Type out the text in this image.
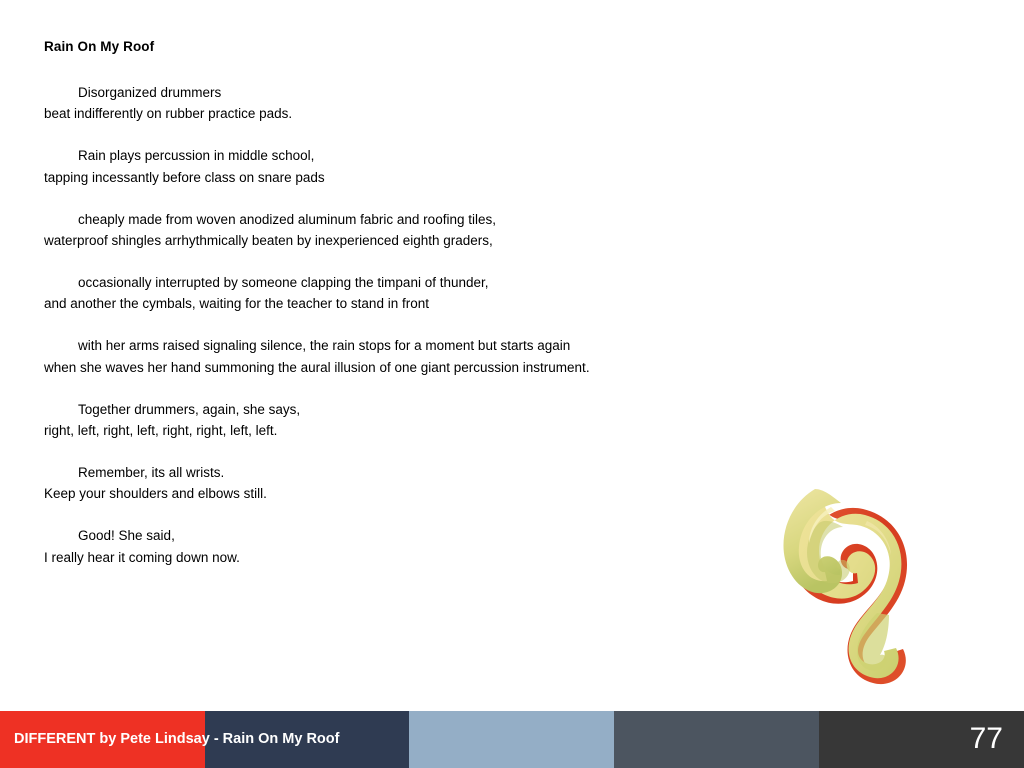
Rain On My Roof
Disorganized drummers
beat indifferently on rubber practice pads.
Rain plays percussion in middle school,
tapping incessantly before class on snare pads
cheaply made from woven anodized aluminum fabric and roofing tiles,
waterproof shingles arrhythmically beaten by inexperienced eighth graders,
occasionally interrupted by someone clapping the timpani of thunder,
and another the cymbals, waiting for the teacher to stand in front
with her arms raised signaling silence, the rain stops for a moment but starts again
when she waves her hand summoning the aural illusion of one giant percussion instrument.
Together drummers, again, she says,
right, left, right, left, right, right, left, left.
Remember, its all wrists.
Keep your shoulders and elbows still.
Good! She said,
I really hear it coming down now.
DIFFERENT by Pete Lindsay - Rain On My Roof	77
